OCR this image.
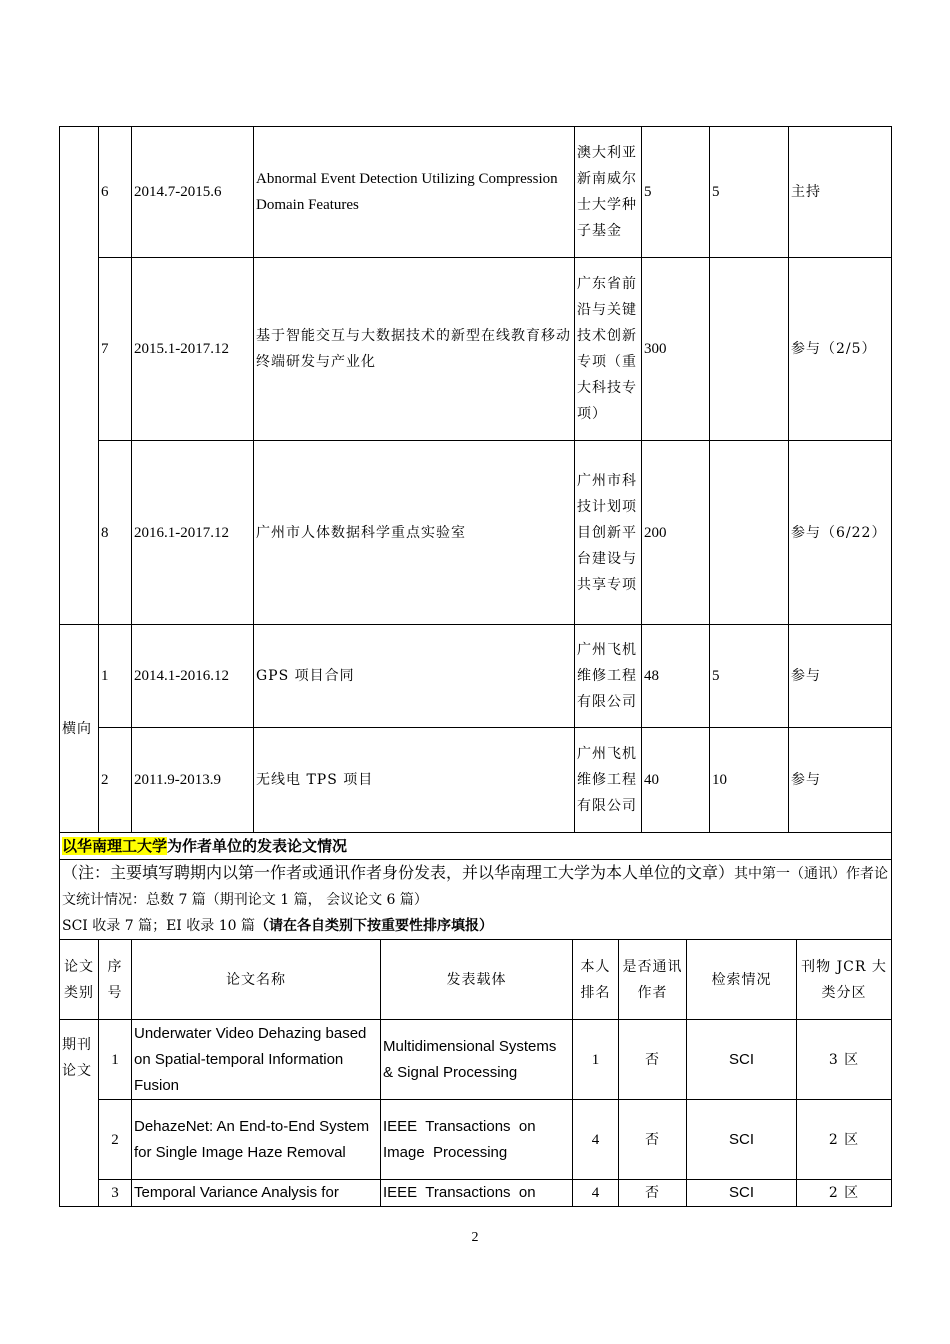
	6	2014.7-2015.6	Abnormal Event Detection Utilizing Compression Domain Features	澳大利亚新南威尔士大学种子基金	5	5	主持
	7	2015.1-2017.12	基于智能交互与大数据技术的新型在线教育移动终端研发与产业化	广东省前沿与关键技术创新专项（重大科技专项）	300		参与（2/5）
	8	2016.1-2017.12	广州市人体数据科学重点实验室	广州市科技计划项目创新平台建设与共享专项	200		参与（6/22）
横向	1	2014.1-2016.12	GPS 项目合同	广州飞机维修工程有限公司	48	5	参与
	2	2011.9-2013.9	无线电 TPS 项目	广州飞机维修工程有限公司	40	10	参与
以华南理工大学为作者单位的发表论文情况							
（注：主要填写聘期内以第一作者或通讯作者身份发表，并以华南理工大学为本人单位的文章）其中第一（通讯）作者论文统计情况：总数 7 篇（期刊论文 1 篇， 会议论文 6 篇）
SCI 收录 7 篇；EI 收录 10 篇（请在各自类别下按重要性排序填报）							
论文类别	序号	论文名称	发表载体	本人排名	是否通讯作者	检索情况	刊物 JCR 大类分区
期刊论文	1	Underwater Video Dehazing based on Spatial-temporal Information Fusion	Multidimensional Systems & Signal Processing	1	否	SCI	3 区
	2	DehazeNet: An End-to-End System for Single Image Haze Removal	IEEE  Transactions  on Image  Processing	4	否	SCI	2 区
	3	Temporal Variance Analysis for	IEEE  Transactions  on	4	否	SCI	2 区
2
